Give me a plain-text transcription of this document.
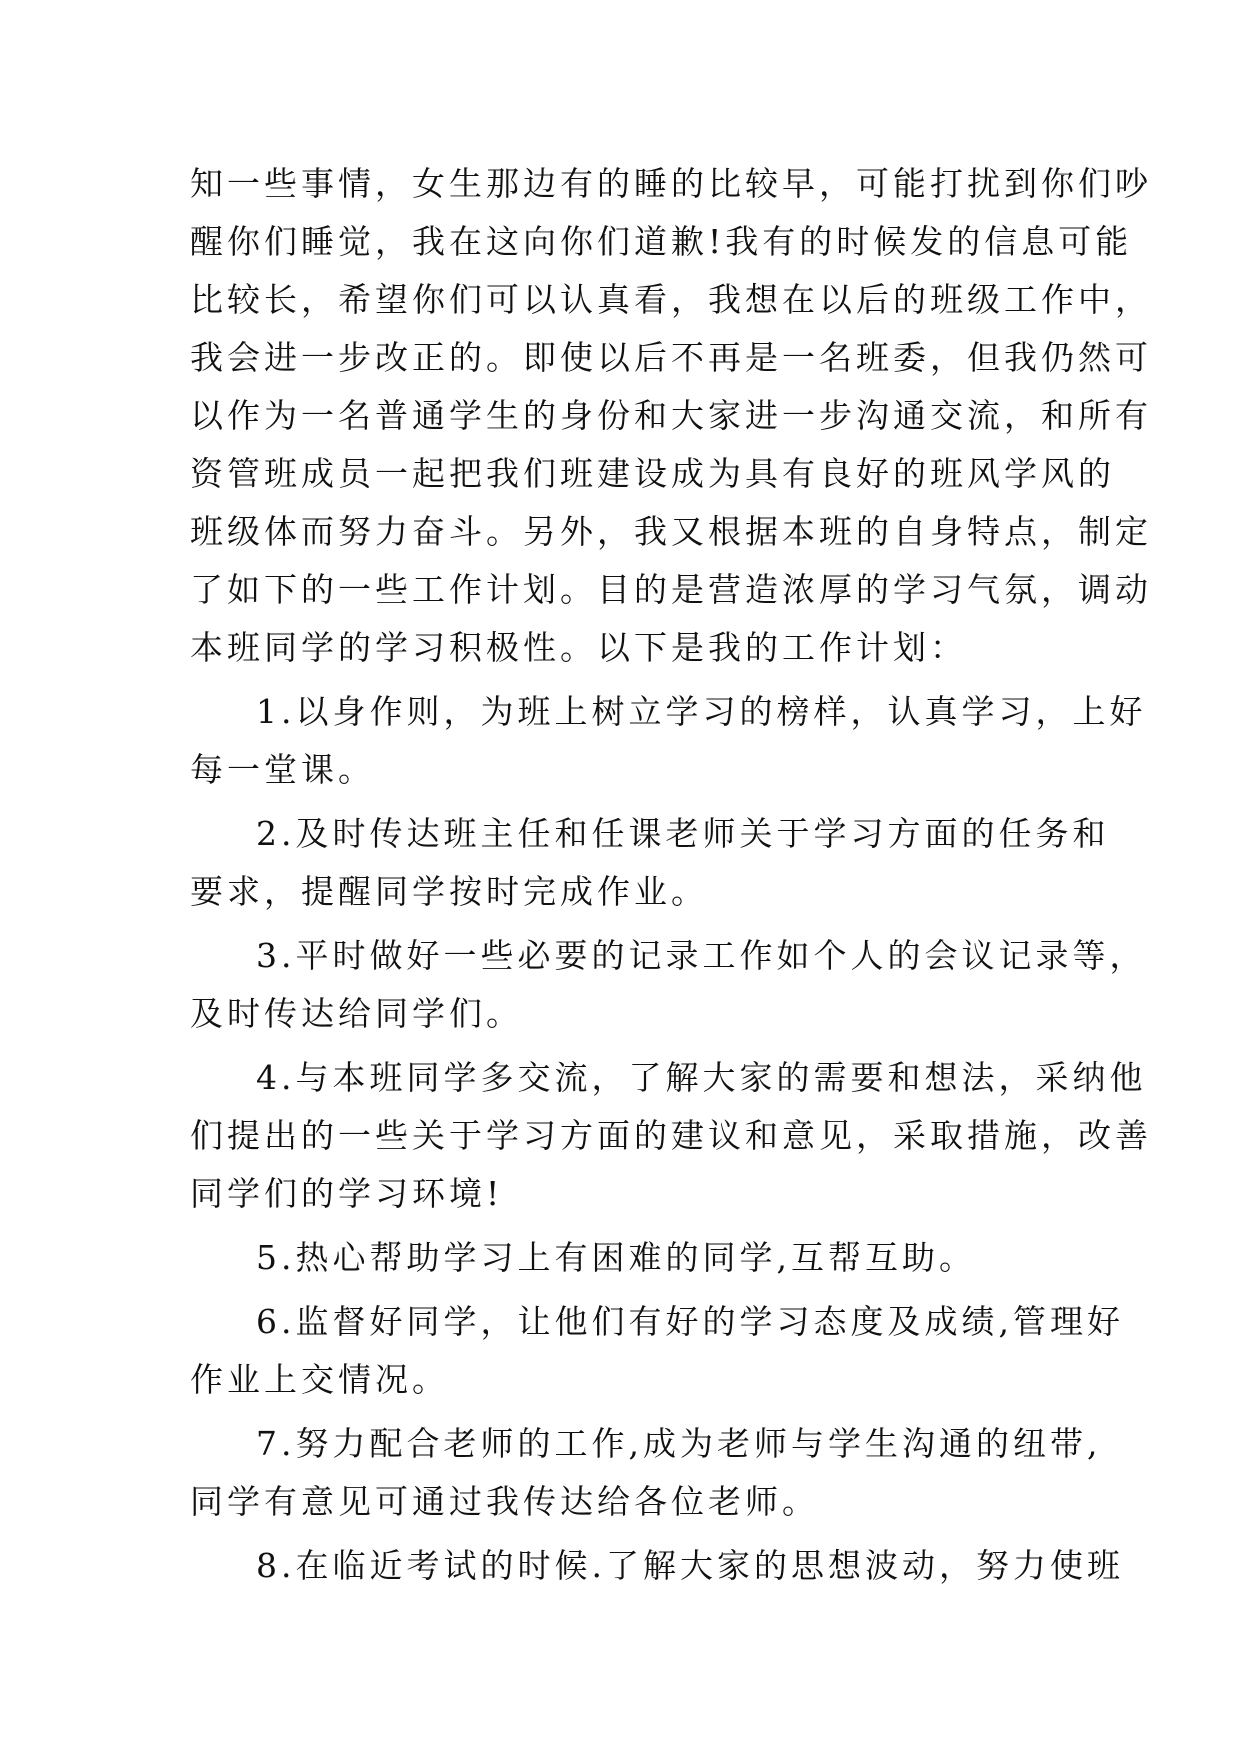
知一些事情，女生那边有的睡的比较早，可能打扰到你们吵
醒你们睡觉，我在这向你们道歉!我有的时候发的信息可能
比较长，希望你们可以认真看，我想在以后的班级工作中，
我会进一步改正的。即使以后不再是一名班委，但我仍然可
以作为一名普通学生的身份和大家进一步沟通交流，和所有
资管班成员一起把我们班建设成为具有良好的班风学风的
班级体而努力奋斗。另外，我又根据本班的自身特点，制定
了如下的一些工作计划。目的是营造浓厚的学习气氛，调动
本班同学的学习积极性。以下是我的工作计划：
1.以身作则，为班上树立学习的榜样，认真学习，上好
每一堂课。
2.及时传达班主任和任课老师关于学习方面的任务和
要求，提醒同学按时完成作业。
3.平时做好一些必要的记录工作如个人的会议记录等，
及时传达给同学们。
4.与本班同学多交流，了解大家的需要和想法，采纳他
们提出的一些关于学习方面的建议和意见，采取措施，改善
同学们的学习环境!
5.热心帮助学习上有困难的同学,互帮互助。
6.监督好同学，让他们有好的学习态度及成绩,管理好
作业上交情况。
7.努力配合老师的工作,成为老师与学生沟通的纽带,
同学有意见可通过我传达给各位老师。
8.在临近考试的时候.了解大家的思想波动，努力使班
